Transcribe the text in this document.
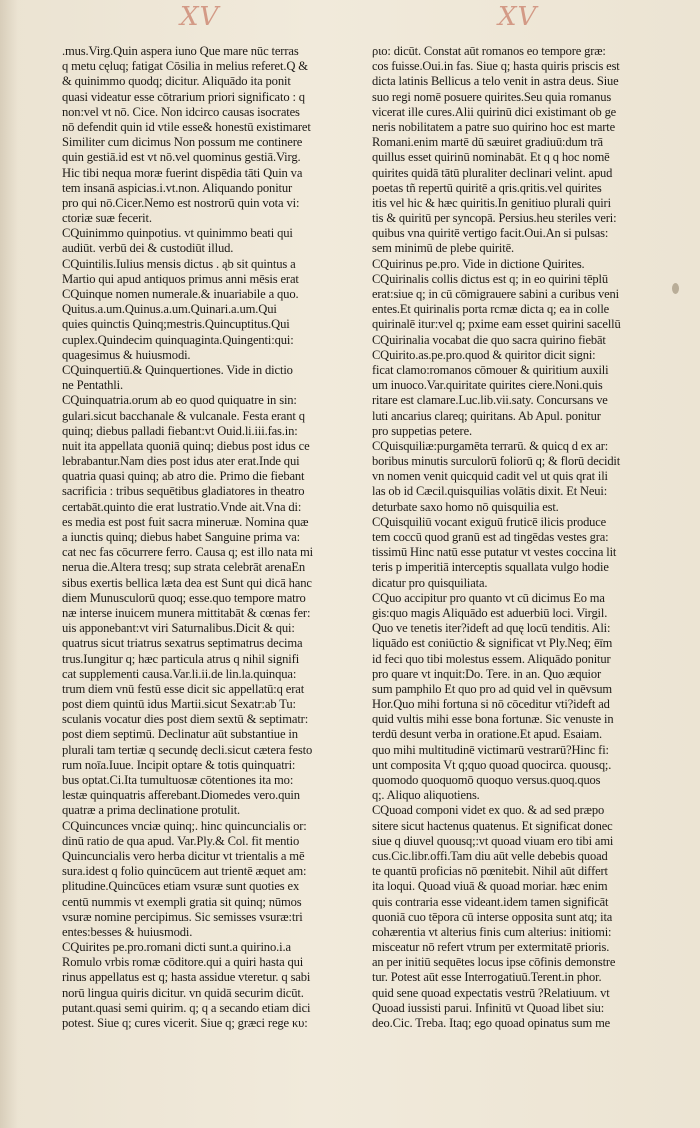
XV	XV
.mus.Virg.Quin aspera iuno Que mare nūc terras
q metu cęluq; fatigat Cōsilia in melius referet.Q &
& quinimmo quodq; dicitur. Aliquādo ita ponit
quasi videatur esse cōtrarium priori significato : q
non:vel vt nō. Cice. Non idcirco causas isocrates
nō defendit quin id vtile esse& honestū existimaret
Similiter cum dicimus Non possum me continere
quin gestiā.id est vt nō.vel quominus gestiā.Virg.
Hic tibi nequa moræ fuerint dispēdia tāti Quin va
tem insanā aspicias.i.vt.non. Aliquando ponitur
pro qui nō.Cicer.Nemo est nostrorū quin vota vi:
ctoriæ suæ fecerit.
CQuinimmo quinpotius. vt quinimmo beati qui
audiūt. verbū dei & custodiūt illud.
CQuintilis.Iulius mensis dictus . ąb sit quintus a
Martio qui apud antiquos primus anni mēsis erat
CQuinque nomen numerale.& inuariabile a quo.
Quitus.a.um.Quinus.a.um.Quinari.a.um.Qui
quies quinctis Quinq;mestris.Quincuptitus.Qui
cuplex.Quindecim quinquaginta.Quingenti:qui:
quagesimus & huiusmodi.
CQuinquertiū.& Quinquertiones. Vide in dictio
ne Pentathli.
CQuinquatria.orum ab eo quod quiquatre in sin:
gulari.sicut bacchanale & vulcanale. Festa erant q
quinq; diebus palladi fiebant:vt Ouid.li.iii.fas.in:
nuit ita appellata quoniā quinq; diebus post idus ce
lebrabantur.Nam dies post idus ater erat.Inde qui
quatria quasi quinq; ab atro die. Primo die fiebant
sacrificia : tribus sequētibus gladiatores in theatro
certabāt.quinto die erat lustratio.Vnde ait.Vna di:
es media est post fuit sacra mineruæ. Nomina quæ
a iunctis quinq; diebus habet Sanguine prima va:
cat nec fas cōcurrere ferro. Causa q; est illo nata mi
nerua die.Altera tresq; sup strata celebrāt arenaEn
sibus exertis bellica læta dea est Sunt qui dicā hanc
diem Munusculorū quoq; esse.quo tempore matro
næ interse inuicem munera mittitabāt & cœnas fer:
uis apponebant:vt viri Saturnalibus.Dicit & qui:
quatrus sicut triatrus sexatrus septimatrus decima
trus.Iungitur q; hæc particula atrus q nihil signifi
cat supplementi causa.Var.li.ii.de lin.la.quinqua:
trum diem vnū festū esse dicit sic appellatū:q erat
post diem quintū idus Martii.sicut Sexatr:ab Tu:
sculanis vocatur dies post diem sextū & septimatr:
post diem septimū. Declinatur aūt substantiue in
plurali tam tertiæ q secundę decli.sicut cætera festo
rum noīa.Iuue. Incipit optare & totis quinquatri:
bus optat.Ci.Ita tumultuosæ cōtentiones ita mo:
lestæ quinquatris afferebant.Diomedes vero.quin
quatræ a prima declinatione protulit.
CQuincunces vnciæ quinq;. hinc quincuncialis or:
dinū ratio de qua apud. Var.Ply.& Col. fit mentio
Quincuncialis vero herba dicitur vt trientalis a mē
sura.idest q folio quincūcem aut trientē æquet am:
plitudine.Quincūces etiam vsuræ sunt quoties ex
centū nummis vt exempli gratia sit quinq; nūmos
vsuræ nomine percipimus. Sic semisses vsuræ:tri
entes:besses & huiusmodi.
CQuirites pe.pro.romani dicti sunt.a quirino.i.a
Romulo vrbis romæ cōditore.qui a quiri hasta qui
rinus appellatus est q; hasta assidue vteretur. q sabi
norū lingua quiris dicitur. vn quidā securim dicūt.
putant.quasi semi quirim. q; q a secando etiam dici
potest. Siue q; cures vicerit. Siue q; græci rege κυ:
ριο: dicūt. Constat aūt romanos eo tempore græ:
cos fuisse.Oui.in fas. Siue q; hasta quiris priscis est
dicta latinis Bellicus a telo venit in astra deus. Siue
suo regi nomē posuere quirites.Seu quia romanus
vicerat ille cures.Alii quirinū dici existimant ob ge
neris nobilitatem a patre suo quirino hoc est marte
Romani.enim martē dū sæuiret gradiuū:dum trā
quillus esset quirinū nominabāt. Et q q hoc nomē
quirites quidā tātū pluraliter declinari velint. apud
poetas tñ repertū quiritē a qris.qritis.vel quirites
itis vel hic & hæc quiritis.In genitiuo plurali quiri
tis & quiritū per syncopā. Persius.heu steriles veri:
quibus vna quiritē vertigo facit.Oui.An si pulsas:
sem minimū de plebe quiritē.
CQuirinus pe.pro. Vide in dictione Quirites.
CQuirinalis collis dictus est q; in eo quirini tēplū
erat:siue q; in cū cōmigrauere sabini a curibus veni
entes.Et quirinalis porta rcmæ dicta q; ea in colle
quirinalē itur:vel q; pxime eam esset quirini sacellū
CQuirinalia vocabat die quo sacra quirino fiebāt
CQuirito.as.pe.pro.quod & quiritor dicit signi:
ficat clamo:romanos cōmouer & quiritium auxili
um inuoco.Var.quiritate quirites ciere.Noni.quis
ritare est clamare.Luc.lib.vii.saty. Concursans ve
luti ancarius clareq; quiritans. Ab Apul. ponitur
pro suppetias petere.
CQuisquiliæ:purgamēta terrarū. & quicq d ex ar:
boribus minutis surculorū foliorū q; & florū decidit
vn nomen venit quicquid cadit vel ut quis qrat ili
las ob id Cæcil.quisquilias volātis dixit. Et Neui:
deturbate saxo homo nō quisquilia est.
CQuisquiliū vocant exiguū fruticē ilicis produce
tem coccū quod granū est ad tingēdas vestes gra:
tissimū Hinc natū esse putatur vt vestes coccina lit
teris p imperitiā interceptis squallata vulgo hodie
dicatur pro quisquiliata.
CQuo accipitur pro quanto vt cū dicimus Eo ma
gis:quo magis Aliquādo est aduerbiū loci. Virgil.
Quo ve tenetis iter?ideft ad quę locū tenditis. Ali:
liquādo est coniūctio & significat vt Ply.Neq; ēīm
id feci quo tibi molestus essem. Aliquādo ponitur
pro quare vt inquit:Do. Tere. in an. Quo æquior
sum pamphilo Et quo pro ad quid vel in quēvsum
Hor.Quo mihi fortuna si nō cōceditur vti?ideft ad
quid vultis mihi esse bona fortunæ. Sic venuste in
terdū desunt verba in oratione.Et apud. Esaiam.
quo mihi multitudinē victimarū vestrarū?Hinc fi:
unt composita Vt q;quo quoad quocirca. quousq;.
quomodo quoquomō quoquo versus.quoq.quos
q;. Aliquo aliquotiens.
CQuoad componi videt ex quo. & ad sed præpo
sitere sicut hactenus quatenus. Et significat donec
siue q diuvel quousq;:vt quoad viuam ero tibi ami
cus.Cic.libr.offi.Tam diu aūt velle debebis quoad
te quantū proficias nō pœnitebit. Nihil aūt differt
ita loqui. Quoad viuā & quoad moriar. hæc enim
quis contraria esse videant.idem tamen significāt
quoniā cuo tēpora cū interse opposita sunt atq; ita
cohærentia vt alterius finis cum alterius: initiomi:
misceatur nō refert vtrum per extermitatē prioris.
an per initiū sequētes locus ipse cōfinis demonstre
tur. Potest aūt esse Interrogatiuū.Terent.in phor.
quid sene quoad expectatis vestrū ?Relatiuum. vt
Quoad iussisti parui. Infinitū vt Quoad libet siu:
deo.Cic. Treba. Itaq; ego quoad opinatus sum me
